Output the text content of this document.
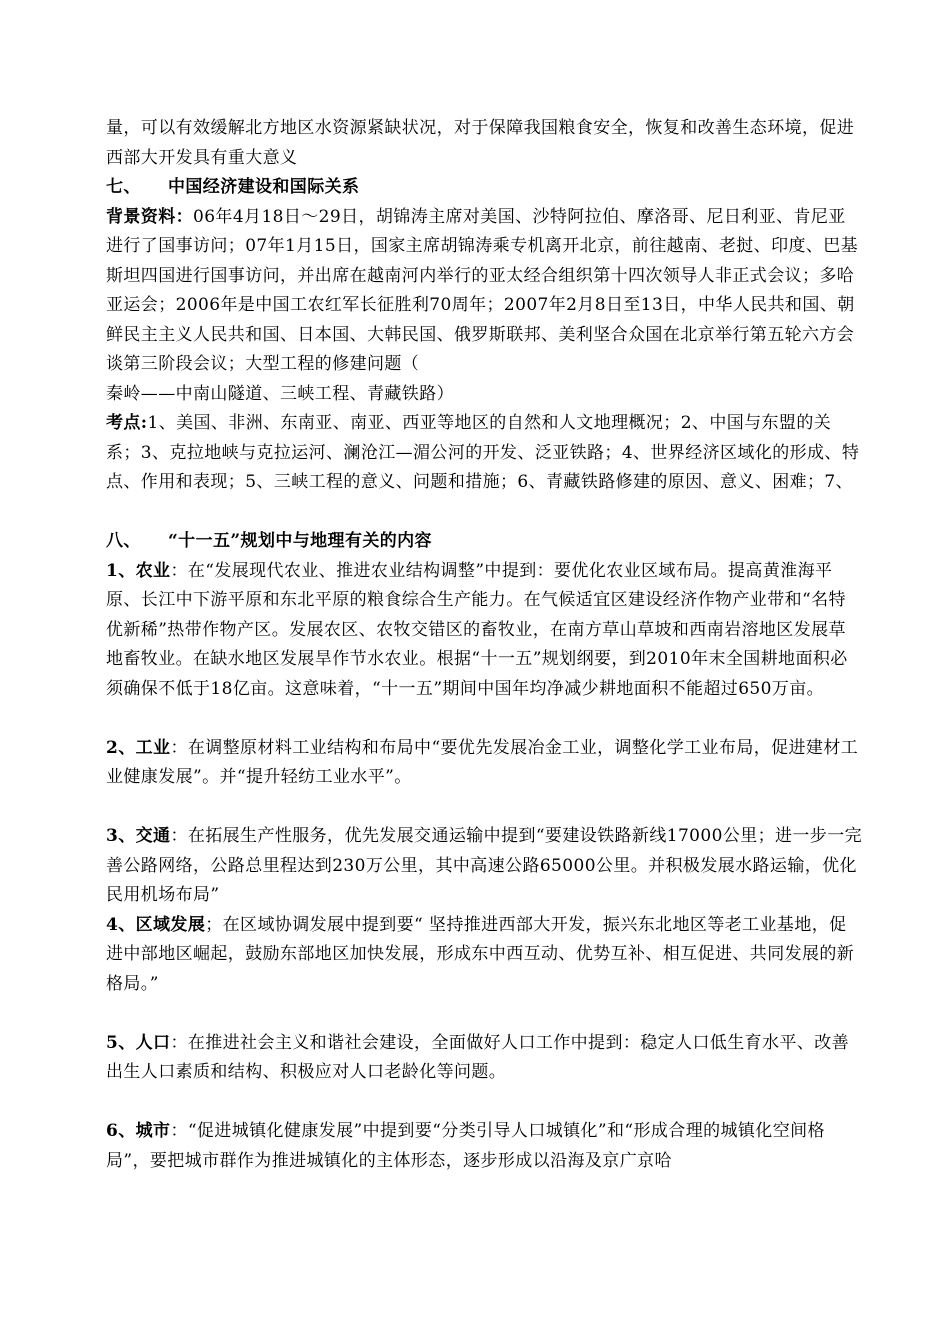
量，可以有效缓解北方地区水资源紧缺状况，对于保障我国粮食安全，恢复和改善生态环境，促进西部大开发具有重大意义

七、 中国经济建设和国际关系

背景资料：06年4月18日～29日，胡锦涛主席对美国、沙特阿拉伯、摩洛哥、尼日利亚、肯尼亚进行了国事访问；07年1月15日，国家主席胡锦涛乘专机离开北京，前往越南、老挝、印度、巴基斯坦四国进行国事访问，并出席在越南河内举行的亚太经合组织第十四次领导人非正式会议；多哈亚运会；2006年是中国工农红军长征胜利70周年；2007年2月8日至13日，中华人民共和国、朝鲜民主主义人民共和国、日本国、大韩民国、俄罗斯联邦、美利坚合众国在北京举行第五轮六方会谈第三阶段会议；大型工程的修建问题（

秦岭——中南山隧道、三峡工程、青藏铁路）

考点:1、美国、非洲、东南亚、南亚、西亚等地区的自然和人文地理概况；2、中国与东盟的关系；3、克拉地峡与克拉运河、澜沧江—湄公河的开发、泛亚铁路；4、世界经济区域化的形成、特点、作用和表现；5、三峡工程的意义、问题和措施；6、青藏铁路修建的原因、意义、困难；7、

八、 “十一五”规划中与地理有关的内容

1、农业：在“发展现代农业、推进农业结构调整”中提到：要优化农业区域布局。提高黄淮海平原、长江中下游平原和东北平原的粮食综合生产能力。在气候适宜区建设经济作物产业带和“名特优新稀”热带作物产区。发展农区、农牧交错区的畜牧业，在南方草山草坡和西南岩溶地区发展草地畜牧业。在缺水地区发展旱作节水农业。根据“十一五”规划纲要，到2010年末全国耕地面积必须确保不低于18亿亩。这意味着，“十一五”期间中国年均净减少耕地面积不能超过650万亩。

2、工业：在调整原材料工业结构和布局中“要优先发展冶金工业，调整化学工业布局，促进建材工业健康发展”。并“提升轻纺工业水平”。

3、交通：在拓展生产性服务，优先发展交通运输中提到“要建设铁路新线17000公里；进一步一完善公路网络，公路总里程达到230万公里，其中高速公路65000公里。并积极发展水路运输，优化民用机场布局”

4、区域发展；在区域协调发展中提到要“ 坚持推进西部大开发，振兴东北地区等老工业基地，促进中部地区崛起，鼓励东部地区加快发展，形成东中西互动、优势互补、相互促进、共同发展的新格局。”

5、人口：在推进社会主义和谐社会建设，全面做好人口工作中提到：稳定人口低生育水平、改善出生人口素质和结构、积极应对人口老龄化等问题。

6、城市：“促进城镇化健康发展”中提到要“分类引导人口城镇化”和“形成合理的城镇化空间格局”，要把城市群作为推进城镇化的主体形态，逐步形成以沿海及京广京哈
